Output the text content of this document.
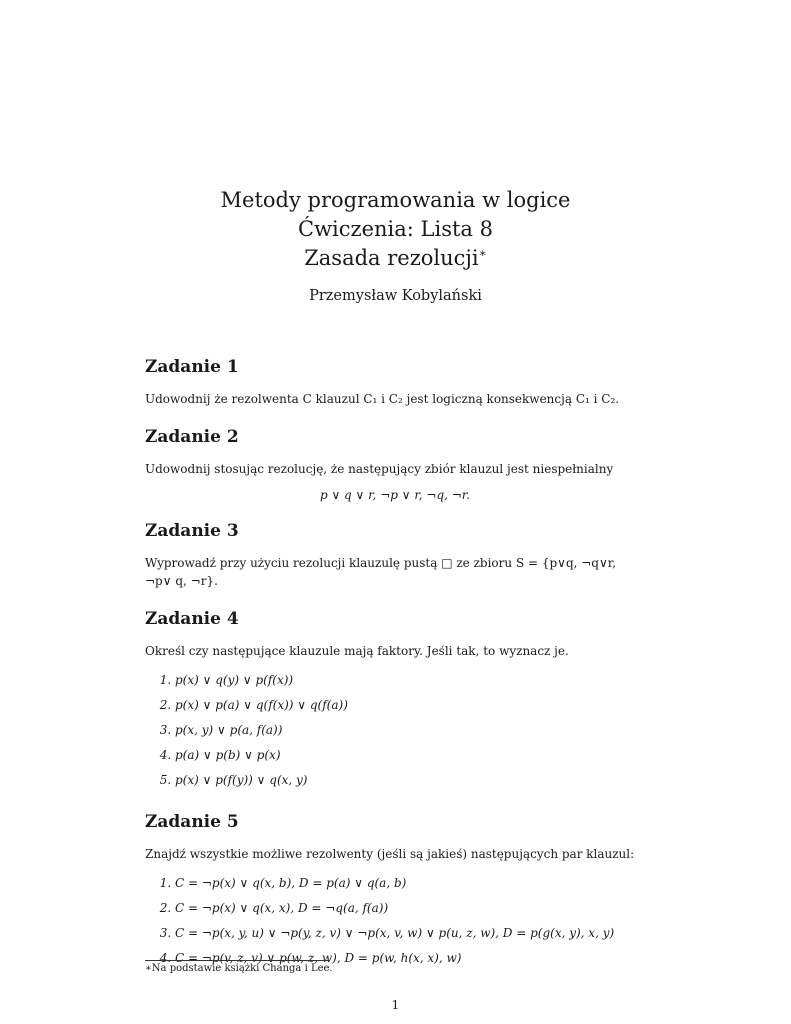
Metody programowania w logice
Ćwiczenia: Lista 8
Zasada rezolucji∗
Przemysław Kobylański
Zadanie 1

Udowodnij że rezolwenta C klauzul C₁ i C₂ jest logiczną konsekwencją C₁ i C₂.

Zadanie 2

Udowodnij stosując rezolucję, że następujący zbiór klauzul jest niespełnialny

p ∨ q ∨ r, ¬p ∨ r, ¬q, ¬r.
Zadanie 3

Wyprowadź przy użyciu rezolucji klauzulę pustą □ ze zbioru S = {p∨q, ¬q∨r, ¬p∨ q, ¬r}.

Zadanie 4

Określ czy następujące klauzule mają faktory. Jeśli tak, to wyznacz je.

1. p(x) ∨ q(y) ∨ p(f(x))
2. p(x) ∨ p(a) ∨ q(f(x)) ∨ q(f(a))
3. p(x, y) ∨ p(a, f(a))
4. p(a) ∨ p(b) ∨ p(x)
5. p(x) ∨ p(f(y)) ∨ q(x, y)
Zadanie 5

Znajdź wszystkie możliwe rezolwenty (jeśli są jakieś) następujących par klauzul:

1. C = ¬p(x) ∨ q(x, b), D = p(a) ∨ q(a, b)
2. C = ¬p(x) ∨ q(x, x), D = ¬q(a, f(a))
3. C = ¬p(x, y, u) ∨ ¬p(y, z, v) ∨ ¬p(x, v, w) ∨ p(u, z, w), D = p(g(x, y), x, y)
4. C = ¬p(v, z, v) ∨ p(w, z, w), D = p(w, h(x, x), w)
∗Na podstawie książki Changa i Lee.
1
